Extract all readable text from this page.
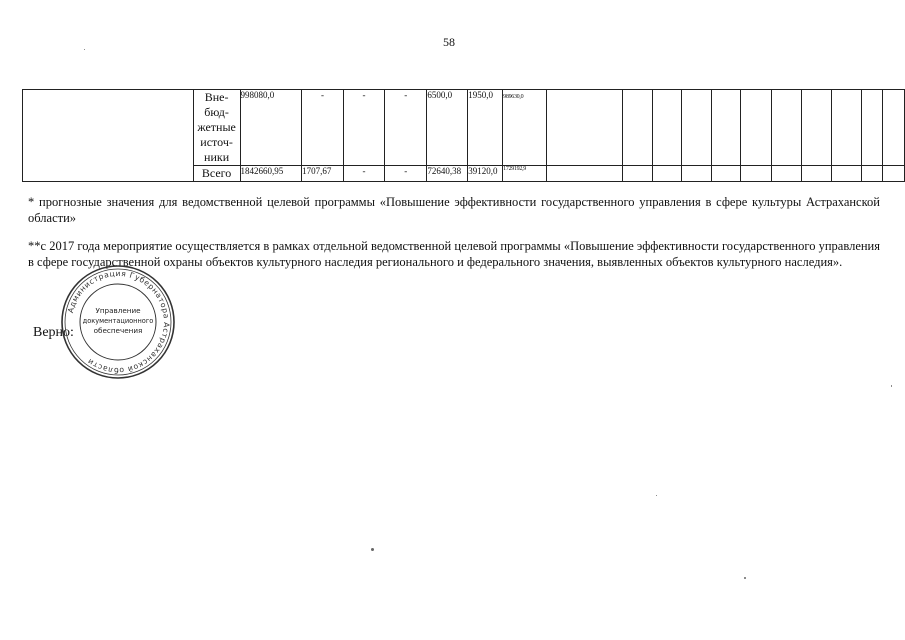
58

	Вне-
бюд-
жетные
источ-
ники	998080,0	-	-	-	6500,0	1950,0	989630,0											

	Всего	1842660,95	1707,67	-	-	72640,38	39120,0	1729192,9											
* прогнозные значения для ведомственной целевой программы «Повышение эффективности государственного управления в сфере культуры Астраханской области»
**с 2017 года мероприятие осуществляется в рамках отдельной ведомственной целевой программы «Повышение эффективности государственного управления в сфере государственной охраны объектов культурного наследия регионального и федерального значения, выявленных объектов культурного наследия».
Верно:
Администрация Губернатора Астраханской области
Управление
документационного
обеспечения
